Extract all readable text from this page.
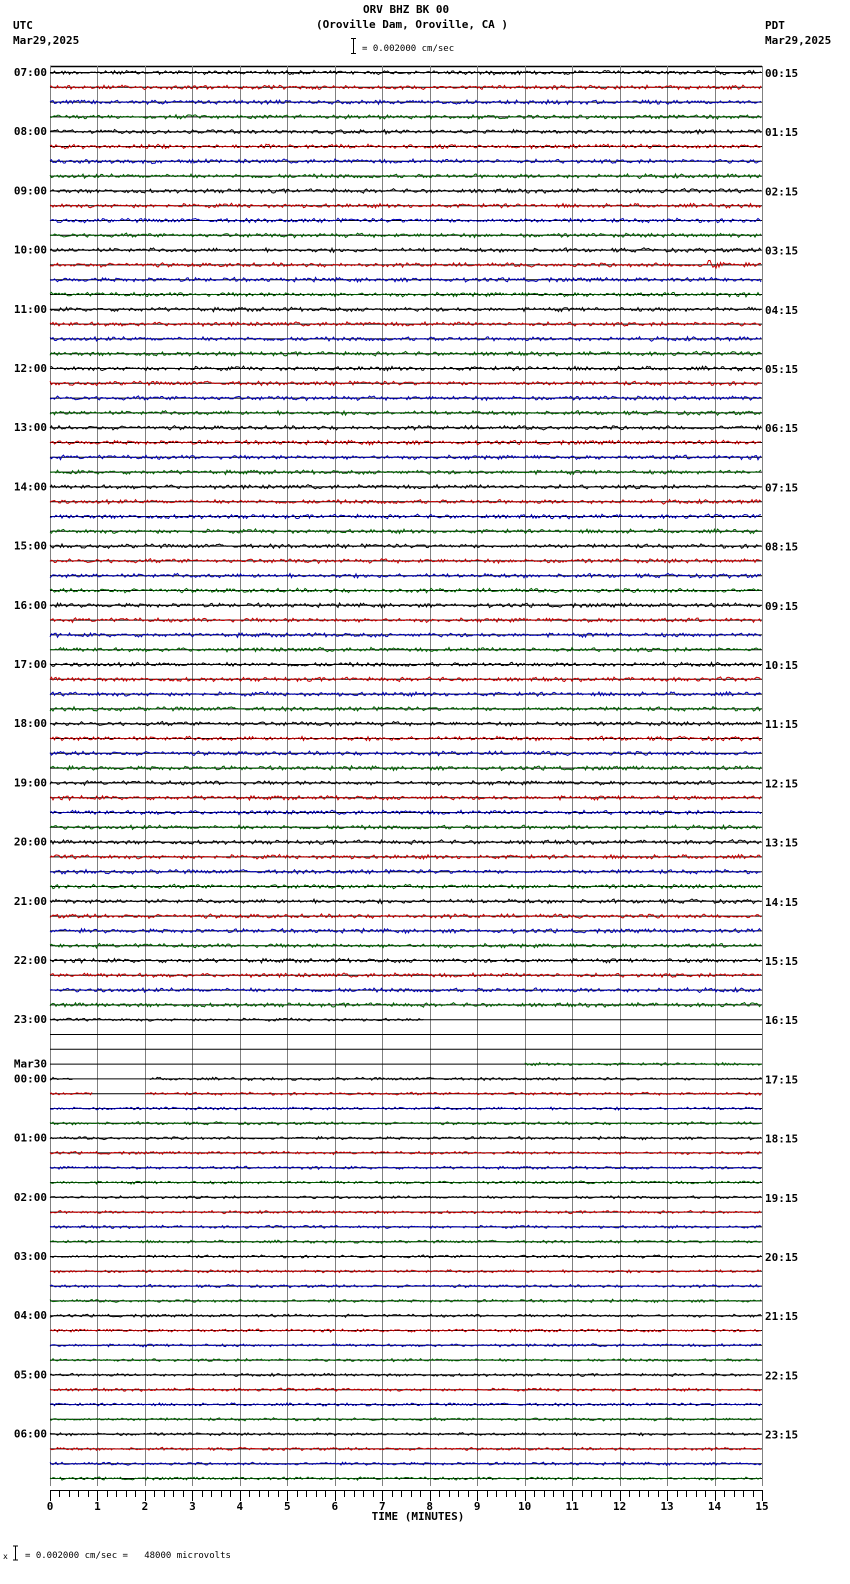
ORV BHZ BK 00
(Oroville Dam, Oroville, CA )
UTC
Mar29,2025
PDT
Mar29,2025
= 0.002000 cm/sec
07:00
08:00
09:00
10:00
11:00
12:00
13:00
14:00
15:00
16:00
17:00
18:00
19:00
20:00
21:00
22:00
23:00
Mar30
00:00
01:00
02:00
03:00
04:00
05:00
06:00
00:15
01:15
02:15
03:15
04:15
05:15
06:15
07:15
08:15
09:15
10:15
11:15
12:15
13:15
14:15
15:15
16:15
17:15
18:15
19:15
20:15
21:15
22:15
23:15
0	1	2	3	4	5	6	7	8	9	10	11	12	13	14	15
TIME (MINUTES)
x = 0.002000 cm/sec =   48000 microvolts
